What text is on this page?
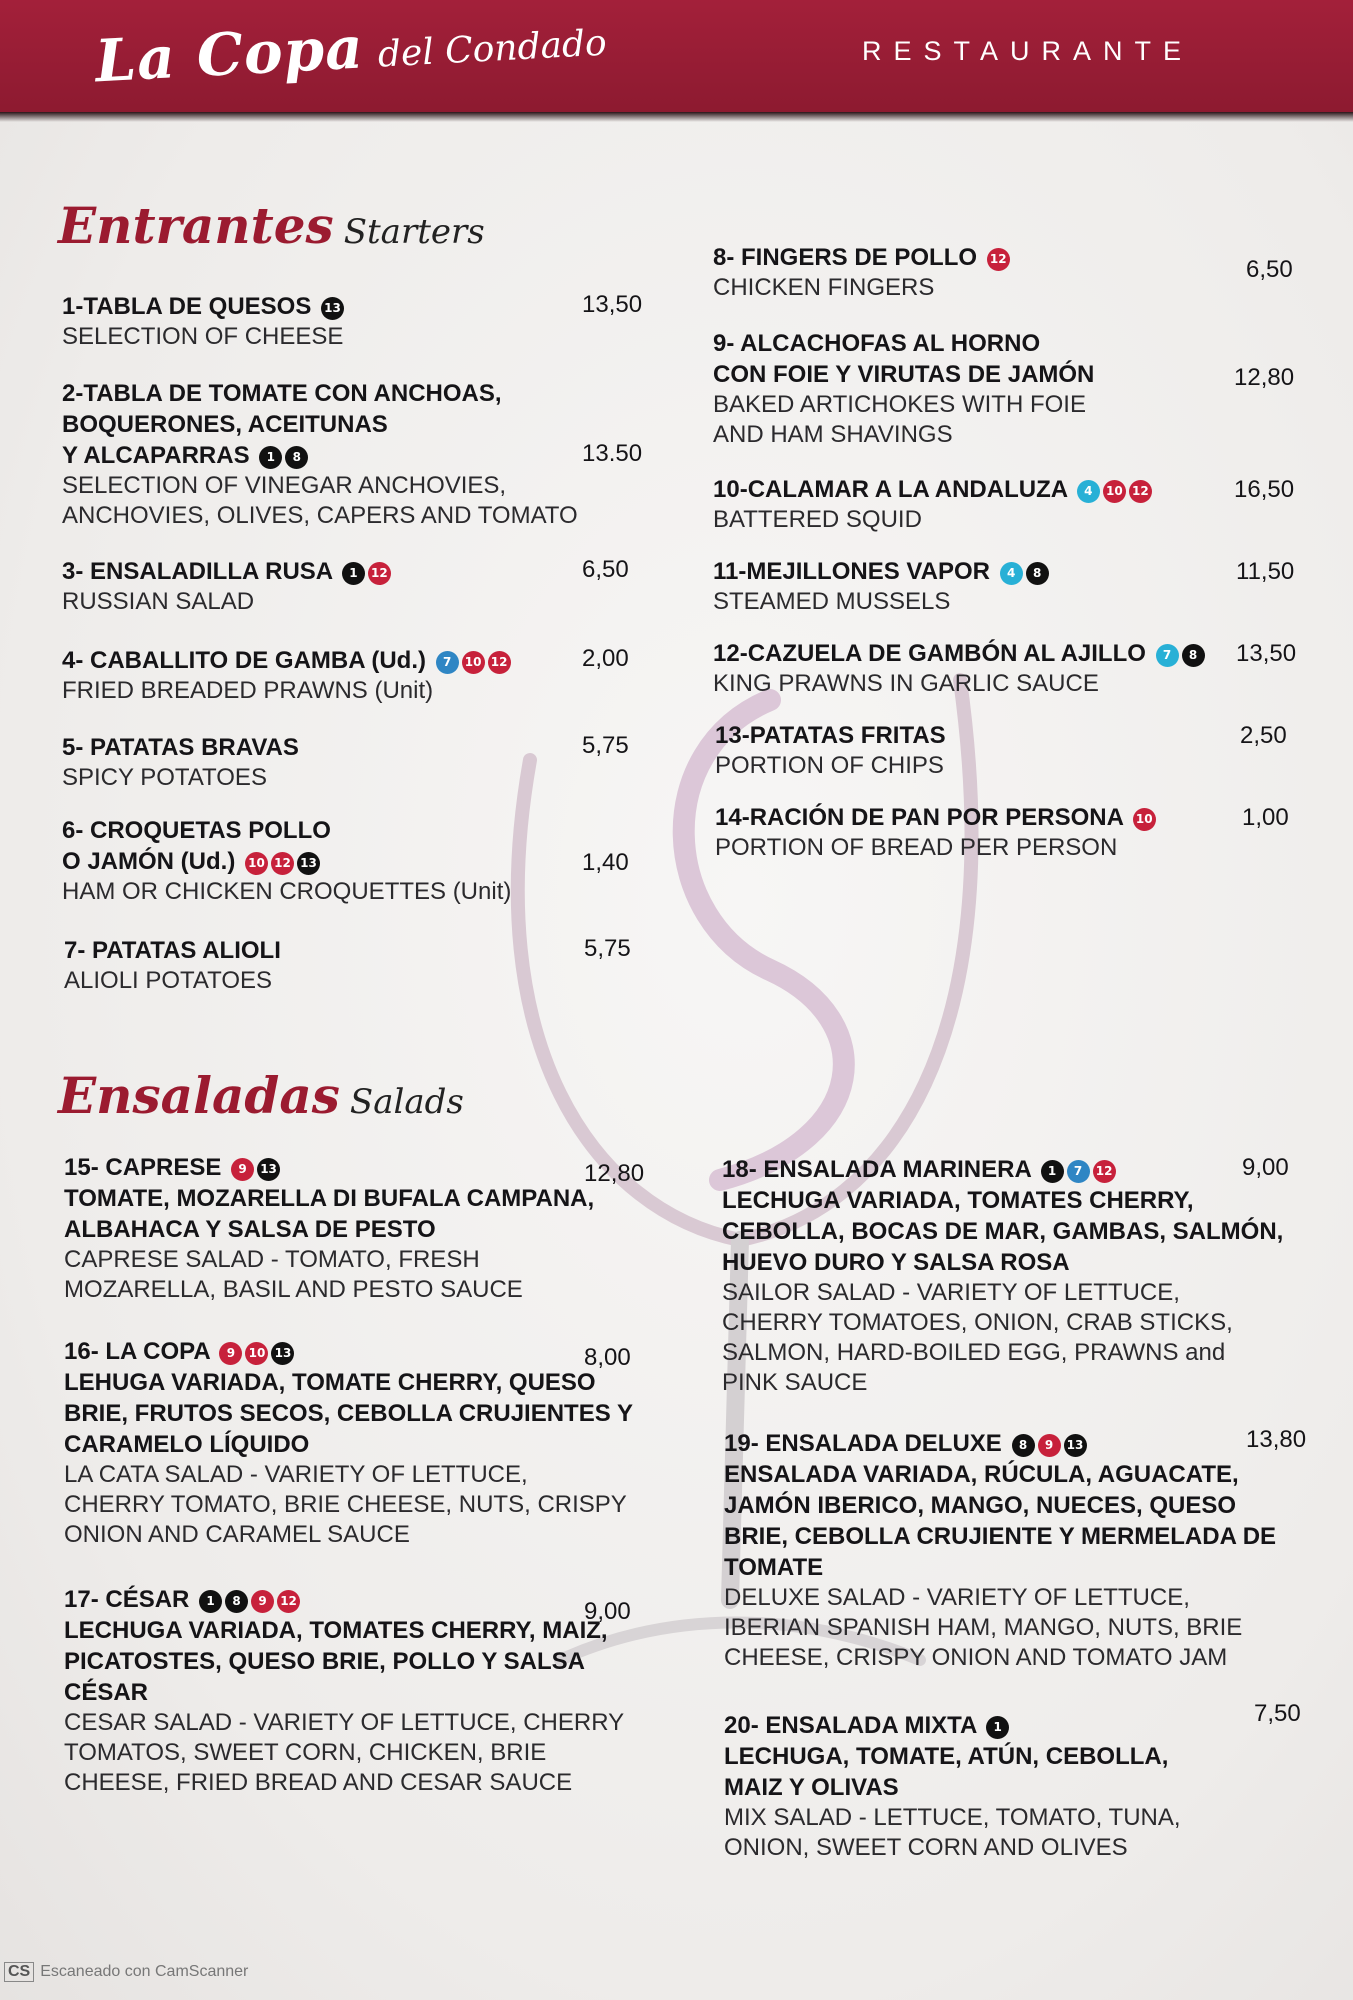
La Copa del Condado	RESTAURANTE
Entrantes Starters
1-TABLA DE QUESOS 13
SELECTION OF CHEESE
13,50
2-TABLA DE TOMATE CON ANCHOAS,
BOQUERONES, ACEITUNAS
Y ALCAPARRAS 1 8
SELECTION OF VINEGAR ANCHOVIES,
ANCHOVIES, OLIVES, CAPERS AND TOMATO
13.50
3- ENSALADILLA RUSA 1 12
RUSSIAN SALAD
6,50
4- CABALLITO DE GAMBA (Ud.) 7 10 12
FRIED BREADED PRAWNS (Unit)
2,00
5- PATATAS BRAVAS
SPICY POTATOES
5,75
6- CROQUETAS POLLO
O JAMÓN (Ud.) 10 12 13
HAM OR CHICKEN CROQUETTES (Unit)
1,40
7- PATATAS ALIOLI
ALIOLI POTATOES
5,75
8- FINGERS DE POLLO 12
CHICKEN FINGERS
6,50
9- ALCACHOFAS AL HORNO
CON FOIE Y VIRUTAS DE JAMÓN
BAKED ARTICHOKES WITH FOIE
AND HAM SHAVINGS
12,80
10-CALAMAR A LA ANDALUZA 4 10 12
BATTERED SQUID
16,50
11-MEJILLONES VAPOR 4 8
STEAMED MUSSELS
11,50
12-CAZUELA DE GAMBÓN AL AJILLO 7 8
KING PRAWNS IN GARLIC SAUCE
13,50
13-PATATAS FRITAS
PORTION OF CHIPS
2,50
14-RACIÓN DE PAN POR PERSONA 10
PORTION OF BREAD PER PERSON
1,00
Ensaladas Salads
15- CAPRESE 9 13
TOMATE, MOZARELLA DI BUFALA CAMPANA,
ALBAHACA Y SALSA DE PESTO
CAPRESE SALAD - TOMATO, FRESH
MOZARELLA, BASIL AND PESTO SAUCE
12,80
16- LA COPA 9 10 13
LEHUGA VARIADA, TOMATE CHERRY, QUESO
BRIE, FRUTOS SECOS, CEBOLLA CRUJIENTES Y
CARAMELO LÍQUIDO
LA CATA SALAD - VARIETY OF LETTUCE,
CHERRY TOMATO, BRIE CHEESE, NUTS, CRISPY
ONION AND CARAMEL SAUCE
8,00
17- CÉSAR 1 8 9 12
LECHUGA VARIADA, TOMATES CHERRY, MAIZ,
PICATOSTES, QUESO BRIE, POLLO Y SALSA
CÉSAR
CESAR SALAD - VARIETY OF LETTUCE, CHERRY
TOMATOS, SWEET CORN, CHICKEN, BRIE
CHEESE, FRIED BREAD AND CESAR SAUCE
9,00
18- ENSALADA MARINERA 1 7 12
LECHUGA VARIADA, TOMATES CHERRY,
CEBOLLA, BOCAS DE MAR, GAMBAS, SALMÓN,
HUEVO DURO Y SALSA ROSA
SAILOR SALAD - VARIETY OF LETTUCE,
CHERRY TOMATOES, ONION, CRAB STICKS,
SALMON, HARD-BOILED EGG, PRAWNS and
PINK SAUCE
9,00
19- ENSALADA DELUXE 8 9 13
ENSALADA VARIADA, RÚCULA, AGUACATE,
JAMÓN IBERICO, MANGO, NUECES, QUESO
BRIE, CEBOLLA CRUJIENTE Y MERMELADA DE
TOMATE
DELUXE SALAD - VARIETY OF LETTUCE,
IBERIAN SPANISH HAM, MANGO, NUTS, BRIE
CHEESE, CRISPY ONION AND TOMATO JAM
13,80
20- ENSALADA MIXTA 1
LECHUGA, TOMATE, ATÚN, CEBOLLA,
MAIZ Y OLIVAS
MIX SALAD - LETTUCE, TOMATO, TUNA,
ONION, SWEET CORN AND OLIVES
7,50
CS Escaneado con CamScanner
